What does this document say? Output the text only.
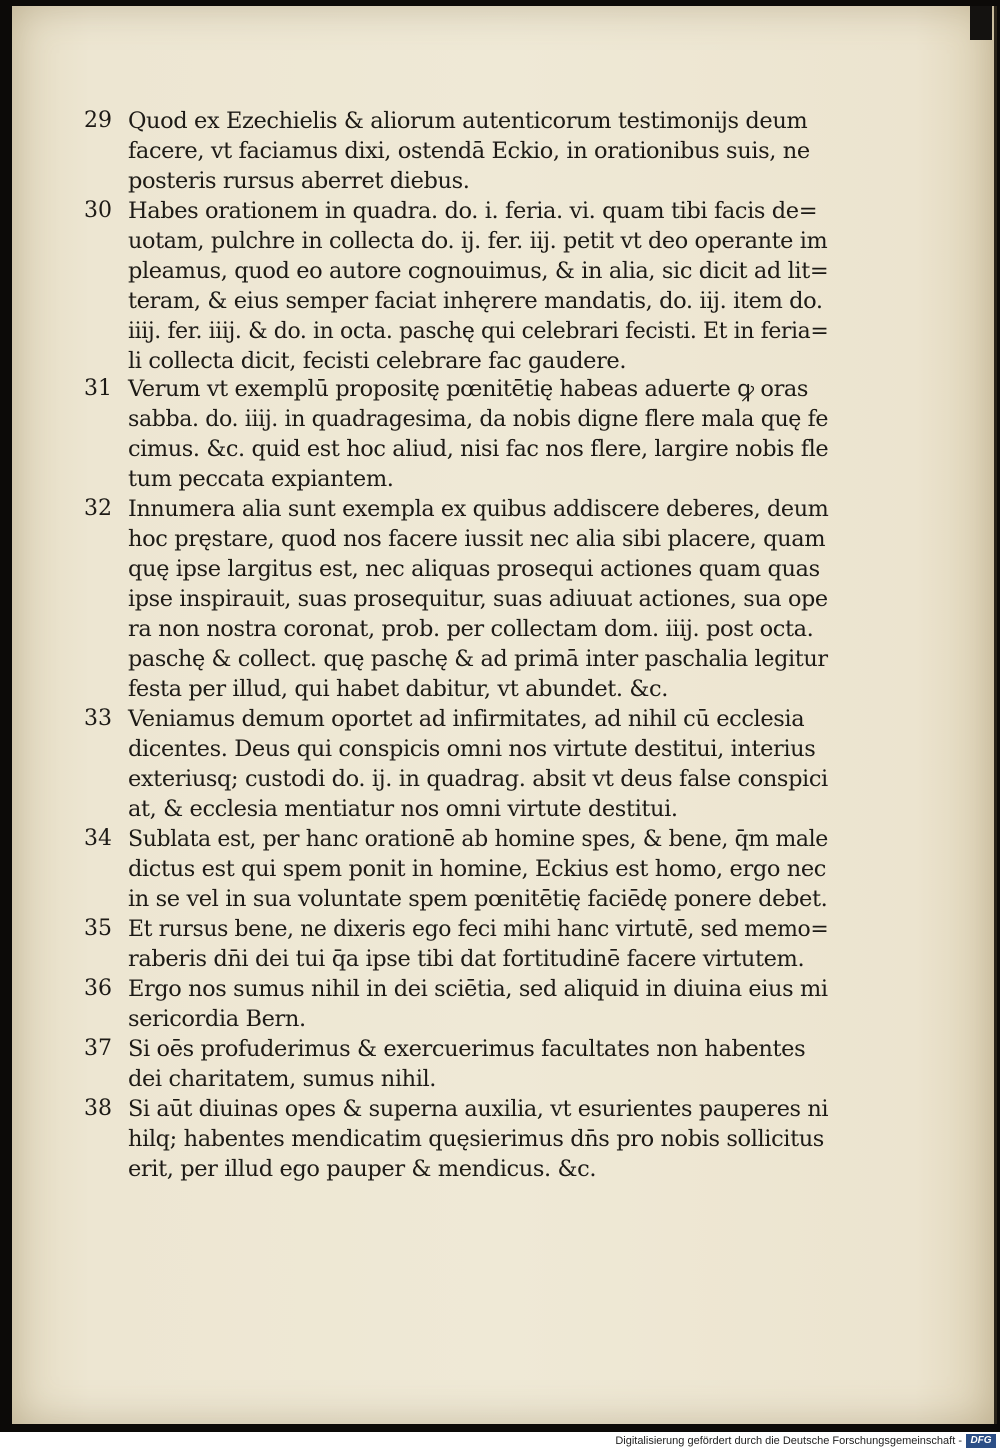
29 Quod ex Ezechielis & aliorum autenticorum testimonijs deum
facere, vt faciamus dixi, ostendā Eckio, in orationibus suis, ne
posteris rursus aberret diebus.
30 Habes orationem in quadra. do. i. feria. vi. quam tibi facis de=
uotam, pulchre in collecta do. ij. fer. iij. petit vt deo operante im
pleamus, quod eo autore cognouimus, & in alia, sic dicit ad lit=
teram, & eius semper faciat inhęrere mandatis, do. iij. item do.
iiij. fer. iiij. & do. in octa. paschę qui celebrari fecisti. Et in feria=
li collecta dicit, fecisti celebrare fac gaudere.
31 Verum vt exemplū propositę pœnitētię habeas aduerte ꝙ oras
sabba. do. iiij. in quadragesima, da nobis digne flere mala quę fe
cimus. &c. quid est hoc aliud, nisi fac nos flere, largire nobis fle
tum peccata expiantem.
32 Innumera alia sunt exempla ex quibus addiscere deberes, deum
hoc pręstare, quod nos facere iussit nec alia sibi placere, quam
quę ipse largitus est, nec aliquas prosequi actiones quam quas
ipse inspirauit, suas prosequitur, suas adiuuat actiones, sua ope
ra non nostra coronat, prob. per collectam dom. iiij. post octa.
paschę & collect. quę paschę & ad primā inter paschalia legitur
festa per illud, qui habet dabitur, vt abundet. &c.
33 Veniamus demum oportet ad infirmitates, ad nihil cū ecclesia
dicentes. Deus qui conspicis omni nos virtute destitui, interius
exteriusq; custodi do. ij. in quadrag. absit vt deus false conspici
at, & ecclesia mentiatur nos omni virtute destitui.
34 Sublata est, per hanc orationē ab homine spes, & bene, q̄m male
dictus est qui spem ponit in homine, Eckius est homo, ergo nec
in se vel in sua voluntate spem pœnitētię faciēdę ponere debet.
35 Et rursus bene, ne dixeris ego feci mihi hanc virtutē, sed memo=
raberis dn̄i dei tui q̄a ipse tibi dat fortitudinē facere virtutem.
36 Ergo nos sumus nihil in dei sciētia, sed aliquid in diuina eius mi
sericordia Bern.
37 Si oēs profuderimus & exercuerimus facultates non habentes
dei charitatem, sumus nihil.
38 Si aūt diuinas opes & superna auxilia, vt esurientes pauperes ni
hilq; habentes mendicatim quęsierimus dn̄s pro nobis sollicitus
erit, per illud ego pauper & mendicus. &c.
Digitalisierung gefördert durch die Deutsche Forschungsgemeinschaft - DFG
